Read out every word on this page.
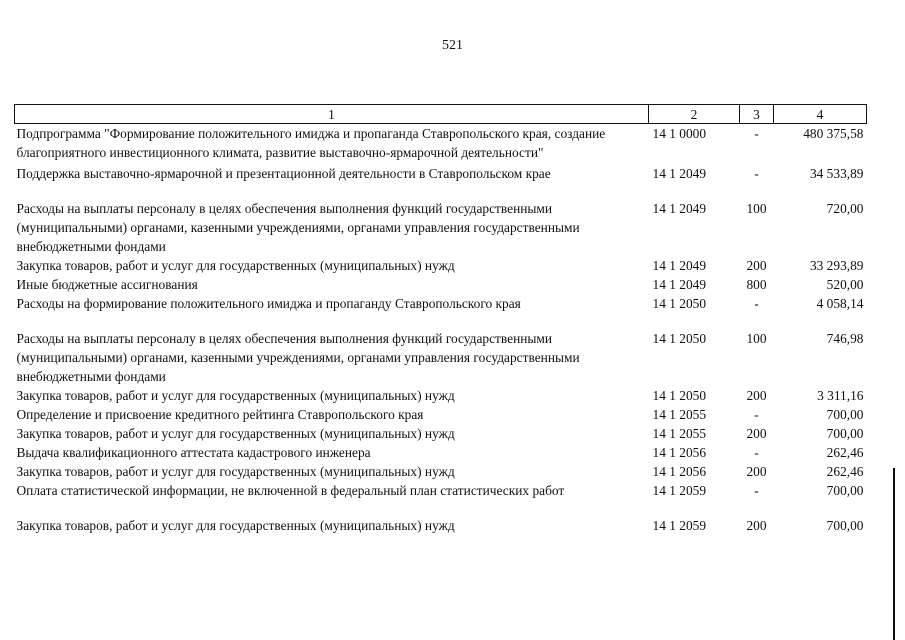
521
1	2	3	4
Подпрограмма "Формирование положительного имиджа и пропаганда Ставропольского края, создание благоприятного инвестиционного климата, развитие выставочно-ярмарочной деятельности"	14 1 0000	-	480 375,58
Поддержка выставочно-ярмарочной и презентационной деятельности в Ставропольском крае	14 1 2049	-	34 533,89
Расходы на выплаты персоналу в целях обеспечения выполнения функций государственными (муниципальными) органами, казенными учреждениями, органами управления государственными внебюджетными фондами	14 1 2049	100	720,00
Закупка товаров, работ и услуг для государственных (муниципальных) нужд	14 1 2049	200	33 293,89
Иные бюджетные ассигнования	14 1 2049	800	520,00
Расходы на формирование положительного имиджа и пропаганду Ставропольского края	14 1 2050	-	4 058,14
Расходы на выплаты персоналу в целях обеспечения выполнения функций государственными (муниципальными) органами, казенными учреждениями, органами управления государственными внебюджетными фондами	14 1 2050	100	746,98
Закупка товаров, работ и услуг для государственных (муниципальных) нужд	14 1 2050	200	3 311,16
Определение и присвоение кредитного рейтинга Ставропольского края	14 1 2055	-	700,00
Закупка товаров, работ и услуг для государственных (муниципальных) нужд	14 1 2055	200	700,00
Выдача квалификационного аттестата кадастрового инженера	14 1 2056	-	262,46
Закупка товаров, работ и услуг для государственных (муниципальных) нужд	14 1 2056	200	262,46
Оплата статистической информации, не включенной в федеральный план статистических работ	14 1 2059	-	700,00
Закупка товаров, работ и услуг для государственных (муниципальных) нужд	14 1 2059	200	700,00
